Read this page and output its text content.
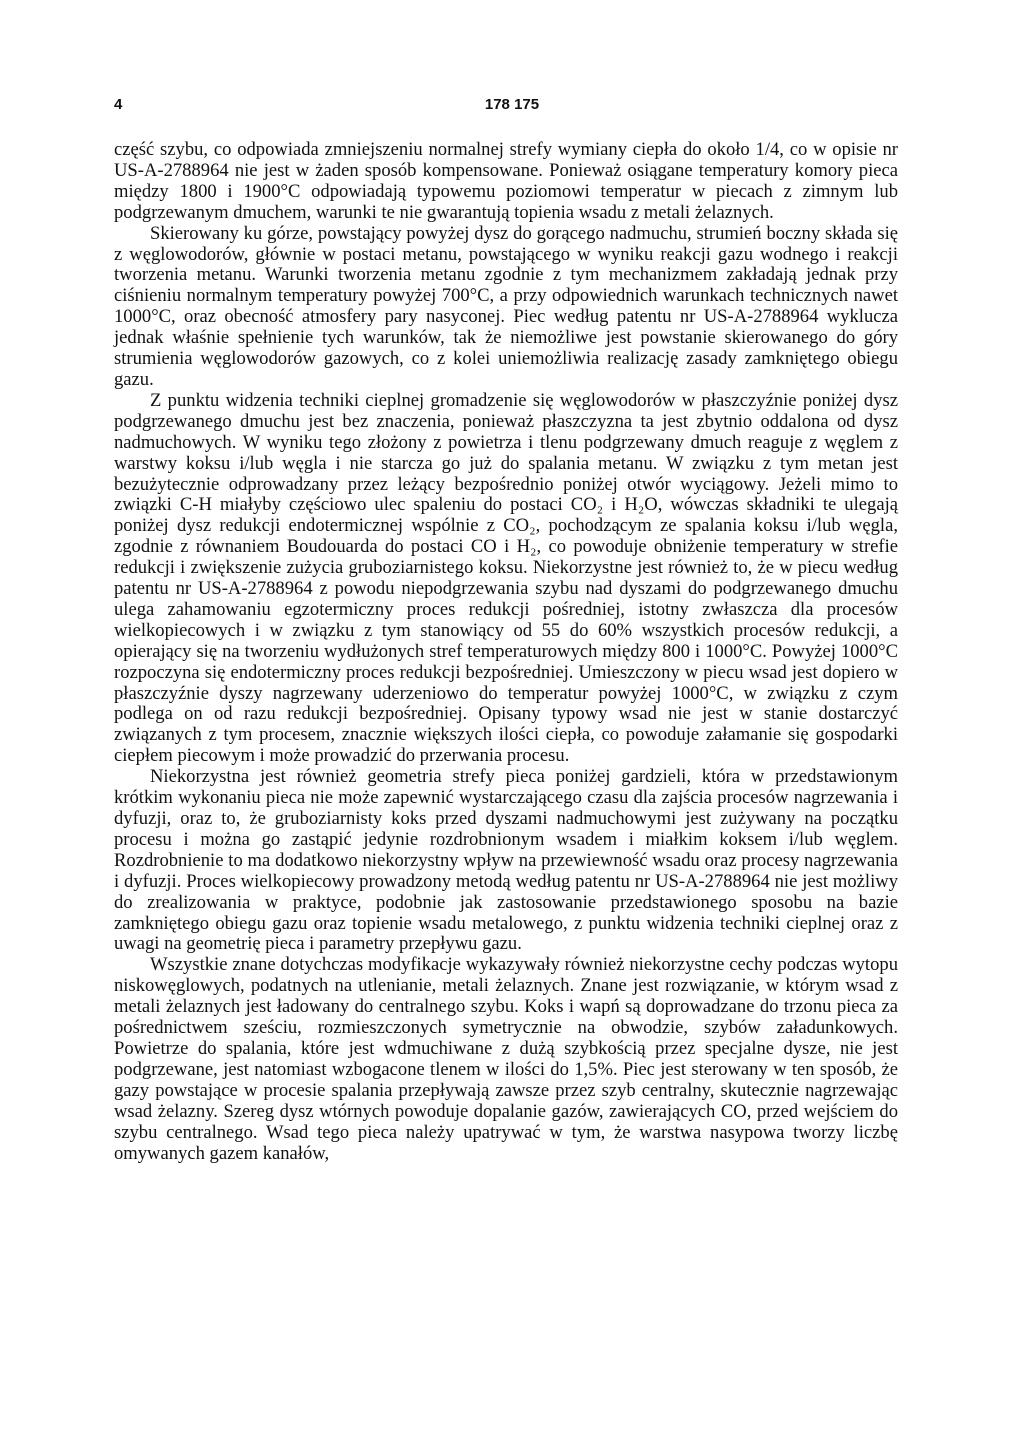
4	178 175

część szybu, co odpowiada zmniejszeniu normalnej strefy wymiany ciepła do około 1/4, co w opisie nr US-A-2788964 nie jest w żaden sposób kompensowane. Ponieważ osiągane temperatury komory pieca między 1800 i 1900°C odpowiadają typowemu poziomowi temperatur w piecach z zimnym lub podgrzewanym dmuchem, warunki te nie gwarantują topienia wsadu z metali żelaznych.

Skierowany ku górze, powstający powyżej dysz do gorącego nadmuchu, strumień boczny składa się z węglowodorów, głównie w postaci metanu, powstającego w wyniku reakcji gazu wodnego i reakcji tworzenia metanu. Warunki tworzenia metanu zgodnie z tym mechanizmem zakładają jednak przy ciśnieniu normalnym temperatury powyżej 700°C, a przy odpowiednich warunkach technicznych nawet 1000°C, oraz obecność atmosfery pary nasyconej. Piec według patentu nr US-A-2788964 wyklucza jednak właśnie spełnienie tych warunków, tak że niemożliwe jest powstanie skierowanego do góry strumienia węglowodorów gazowych, co z kolei uniemożliwia realizację zasady zamkniętego obiegu gazu.

Z punktu widzenia techniki cieplnej gromadzenie się węglowodorów w płaszczyźnie poniżej dysz podgrzewanego dmuchu jest bez znaczenia, ponieważ płaszczyzna ta jest zbytnio oddalona od dysz nadmuchowych. W wyniku tego złożony z powietrza i tlenu podgrzewany dmuch reaguje z węglem z warstwy koksu i/lub węgla i nie starcza go już do spalania metanu. W związku z tym metan jest bezużytecznie odprowadzany przez leżący bezpośrednio poniżej otwór wyciągowy. Jeżeli mimo to związki C-H miałyby częściowo ulec spaleniu do postaci CO₂ i H₂O, wówczas składniki te ulegają poniżej dysz redukcji endotermicznej wspólnie z CO₂, pochodzącym ze spalania koksu i/lub węgla, zgodnie z równaniem Boudouarda do postaci CO i H₂, co powoduje obniżenie temperatury w strefie redukcji i zwiększenie zużycia gruboziarnistego koksu. Niekorzystne jest również to, że w piecu według patentu nr US-A-2788964 z powodu niepodgrzewania szybu nad dyszami do podgrzewanego dmuchu ulega zahamowaniu egzotermiczny proces redukcji pośredniej, istotny zwłaszcza dla procesów wielkopiecowych i w związku z tym stanowiący od 55 do 60% wszystkich procesów redukcji, a opierający się na tworzeniu wydłużonych stref temperaturowych między 800 i 1000°C. Powyżej 1000°C rozpoczyna się endotermiczny proces redukcji bezpośredniej. Umieszczony w piecu wsad jest dopiero w płaszczyźnie dyszy nagrzewany uderzeniowo do temperatur powyżej 1000°C, w związku z czym podlega on od razu redukcji bezpośredniej. Opisany typowy wsad nie jest w stanie dostarczyć związanych z tym procesem, znacznie większych ilości ciepła, co powoduje załamanie się gospodarki ciepłem piecowym i może prowadzić do przerwania procesu.

Niekorzystna jest również geometria strefy pieca poniżej gardzieli, która w przedstawionym krótkim wykonaniu pieca nie może zapewnić wystarczającego czasu dla zajścia procesów nagrzewania i dyfuzji, oraz to, że gruboziarnisty koks przed dyszami nadmuchowymi jest zużywany na początku procesu i można go zastąpić jedynie rozdrobnionym wsadem i miałkim koksem i/lub węglem. Rozdrobnienie to ma dodatkowo niekorzystny wpływ na przewiewność wsadu oraz procesy nagrzewania i dyfuzji. Proces wielkopiecowy prowadzony metodą według patentu nr US-A-2788964 nie jest możliwy do zrealizowania w praktyce, podobnie jak zastosowanie przedstawionego sposobu na bazie zamkniętego obiegu gazu oraz topienie wsadu metalowego, z punktu widzenia techniki cieplnej oraz z uwagi na geometrię pieca i parametry przepływu gazu.

Wszystkie znane dotychczas modyfikacje wykazywały również niekorzystne cechy podczas wytopu niskowęglowych, podatnych na utlenianie, metali żelaznych. Znane jest rozwiązanie, w którym wsad z metali żelaznych jest ładowany do centralnego szybu. Koks i wapń są doprowadzane do trzonu pieca za pośrednictwem sześciu, rozmieszczonych symetrycznie na obwodzie, szybów załadunkowych. Powietrze do spalania, które jest wdmuchiwane z dużą szybkością przez specjalne dysze, nie jest podgrzewane, jest natomiast wzbogacone tlenem w ilości do 1,5%. Piec jest sterowany w ten sposób, że gazy powstające w procesie spalania przepływają zawsze przez szyb centralny, skutecznie nagrzewając wsad żelazny. Szereg dysz wtórnych powoduje dopalanie gazów, zawierających CO, przed wejściem do szybu centralnego. Wsad tego pieca należy upatrywać w tym, że warstwa nasypowa tworzy liczbę omywanych gazem kanałów,
